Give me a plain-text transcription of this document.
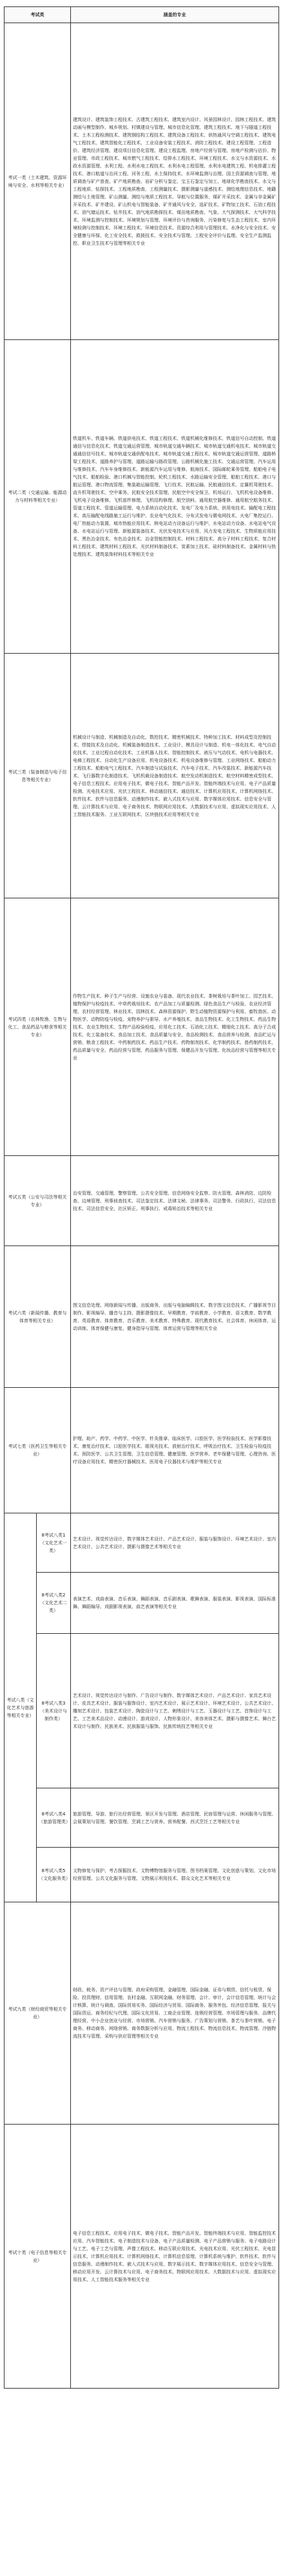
考试类		涵盖的专业
考试一类（土木建筑、资源环境与安全、水利等相关专业）		建筑设计、建筑装饰工程技术、古建筑工程技术、建筑室内设计、风景园林设计、园林工程技术、建筑动画与模型制作、城乡规划、村镇建设与管理、城市信息化管理、建筑工程技术、地下与隧道工程技术、土木工程检测技术、建筑钢结构工程技术、建筑设备工程技术、供热通风与空调工程技术、建筑电气工程技术、建筑智能化工程技术、工业设备安装工程技术、消防工程技术、建设工程管理、工程造价、建筑经济管理、建设项目信息化管理、建设工程监理、房地产经营与管理、房地产检测与估价、物业管理、市政工程技术、城市燃气工程技术、给排水工程技术、环境工程技术、水文与水资源技术、水政水资源管理、水利工程、水利水电工程技术、水利水电工程管理、水利水电建筑工程、机电排灌工程技术、港口航道与治河工程、河务工程、水土保持技术、水环境监测与治理、国土资源调查与管理、地质调查与矿产普查、矿产地质勘查、岩矿分析与鉴定、宝玉石鉴定与加工、地球化学勘查技术、水文与工程地质、钻探技术、工程地质勘查、工程测量技术、摄影测量与遥感技术、测绘地理信息技术、地籍测绘与土地管理、矿山测量、测绘与地质工程技术、导航与位置服务、煤矿开采技术、金属与非金属矿开采技术、矿井建设、矿山机电与智能装备、矿井通风与安全、选矿技术、矿物加工技术、石油工程技术、油气储运技术、钻井技术、油气地质勘探技术、煤田地质勘查、气象、大气探测技术、大气科学技术、环境监测与控制技术、环境规划与管理、环境评价与咨询服务、污染修复与生态工程技术、室内环境检测与控制技术、环境工程技术、环境信息技术、资源综合利用与管理技术、水净化与安全技术、安全健康与环保、化工安全技术、救援技术、安全技术与管理、工程安全评价与监理、安全生产监测监控、职业卫生技术与管理等相关专业
考试二类（交通运输、能源动力与材料等相关专业）		铁道机车、铁道车辆、铁道供电技术、铁道工程技术、铁道机械化维修技术、铁道信号自动控制、铁道通信与信息化技术、铁道交通运营管理、城市轨道交通车辆技术、城市轨道交通机电技术、城市轨道交通通信信号技术、城市轨道交通供配电技术、城市轨道交通工程技术、城市轨道交通运营管理、道路桥梁工程技术、道路养护与管理、道路运输与路政管理、公路机械化施工技术、交通运营管理、汽车运用与维修技术、汽车车身维修技术、新能源汽车运用与维修、航海技术、国际邮轮乘务管理、船舶电子电气技术、船舶检验、港口机械与智能控制、轮机工程技术、水路运输安全管理、船舶工程技术、港口与航运管理、港口物流管理、集装箱运输管理、飞行技术、民航运输、民航通信技术、定翼机驾驶技术、直升机驾驶技术、空中乘务、民航安全技术管理、民航空中安全保卫、机场运行、飞机机电设备维修、飞机电子设备维修、飞机部件修理、飞机结构修理、航空油料、通用航空器维修、通用航空航务技术、管道工程技术、管道运输管理、电力系统自动化技术、发电厂及电力系统、供用电技术、输配电工程技术、高压输配电线路施工运行与维护、农业电气化技术、分布式发电与微电网技术、火电厂集控运行、电厂热能动力装置、城市热能应用技术、核电站动力设备运行与维护、水电站动力设备、水电站电气设备、水电站运行与管理、新能源装备技术、光伏发电技术与应用、风力发电工程技术、生物质能应用技术、黑色冶金技术、有色冶金技术、冶金智能控制技术、材料工程技术、高分子材料工程技术、复合材料工程技术、建筑材料工程技术、光伏材料制备技术、炭素加工技术、硅材料制备技术、金属材料与热处理技术、建筑装饰材料技术等相关专业
考试三类（装备制造与电子信息等相关专业）		机械设计与制造、机械制造及自动化、数控技术、精密机械技术、特种加工技术、材料成型及控制技术、焊接技术及自动化、机械装备制造技术、工业设计、模具设计与制造、机电一体化技术、电气自动化技术、工业过程自动化技术、工业机器人技术、智能控制技术、液压与气动技术、电机与电器技术、电梯工程技术、自动化生产设备应用、机电设备技术、机电设备维修与管理、工业网络技术、船舶动力工程技术、船舶电气工程技术、汽车制造与试验技术、汽车电子技术、汽车改装技术、新能源汽车技术、飞行器数字化制造技术、飞机机载设备制造技术、航空发动机制造技术、航空材料精密成型技术、电子信息工程技术、应用电子技术、微电子技术、智能产品开发、智能终端技术与应用、电子产品质量检测、光电技术应用、光伏工程技术、移动通信技术、通信技术、计算机应用技术、计算机网络技术、软件技术、软件与信息服务、动漫制作技术、嵌入式技术与应用、数字媒体应用技术、信息安全与管理、云计算技术与应用、电子商务技术、物联网应用技术、大数据技术与应用、虚拟现实应用技术、人工智能技术服务、工业互联网技术、区块链技术应用等相关专业
考试四类（农林牧渔、生物与化工、食品药品与粮食等相关专业）		作物生产技术、种子生产与经营、设施农业与装备、现代农业技术、茶树栽培与茶叶加工、园艺技术、植物保护与检疫技术、中草药栽培技术、农产品加工与质量检测、绿色食品生产与检验、农业经济管理、农村经营管理、林业技术、园林技术、森林资源保护、野生动植物资源保护与利用、畜牧兽医、动物医学、动物防疫与检疫、宠物养护与驯导、水产养殖技术、食品生物技术、化工生物技术、药品生物技术、农业生物技术、生物产品检验检疫、应用化工技术、石油化工技术、精细化工技术、高分子合成技术、化工装备技术、食品加工技术、食品质量与安全、食品检测技术、食品营养与检测、食品贮运与营销、粮食工程技术、中药制药技术、药品生产技术、药物制剂技术、化学制药技术、兽药制药技术、药品质量与安全、药品经营与管理、药品服务与管理、保健品开发与管理、化妆品经营与管理等相关专业
考试五类（公安与司法等相关专业）		治安管理、交通管理、警察管理、公共安全管理、信息网络安全监察、防火管理、森林消防、边防检查、边境管理、刑事侦查技术、司法鉴定技术、法律文秘、法律事务、司法警务、行政执行、司法信息技术、司法信息安全、社区矫正、刑事执行、戒毒矫治技术等相关专业
考试六类（新闻传播、教育与体育等相关专业）		图文信息处理、网络新闻与传播、出版商务、出版与电脑编辑技术、数字图文信息技术、广播影视节目制作、影视编导、播音与主持、摄影摄像技术、早期教育、学前教育、小学教育、语文教育、数学教育、英语教育、体育教育、音乐教育、美术教育、特殊教育、现代教育技术、社会体育、休闲体育、运动训练、体育保健与康复、健身指导与管理、体育运营与管理等相关专业
考试七类（医药卫生等相关专业）		护理、助产、药学、中药学、中医学、针灸推拿、临床医学、口腔医学、医学检验技术、医学影像技术、康复治疗技术、口腔医学技术、眼视光技术、放射治疗技术、呼吸治疗技术、卫生检验与检疫技术、预防医学、公共卫生管理、卫生信息管理、健康管理、医学营养、老年保健与管理、心理咨询、医疗设备应用技术、精密医疗器械技术、医用电子仪器技术与维护等相关专业
考试八类（文化艺术与旅游等相关专业）	8考试八类1（文化艺术一类）	艺术设计、视觉传达设计、数字媒体艺术设计、产品艺术设计、服装与服饰设计、环境艺术设计、室内艺术设计、公共艺术设计、摄影与摄像艺术等相关专业
	8考试八类2（文化艺术二类）	表演艺术、戏曲表演、音乐表演、舞蹈表演、音乐剧表演、歌舞表演、服装表演、影视表演、国际标准舞、舞蹈编导、戏剧影视表演、曲艺表演等相关专业
	8考试八类3（美术设计与制作类）	艺术设计、视觉传达设计与制作、广告设计与制作、数字媒体艺术设计、产品艺术设计、家具艺术设计、皮具艺术设计、服装与服饰设计、室内艺术设计、展示艺术设计、环境艺术设计、公共艺术设计、雕刻艺术设计、包装艺术设计、陶瓷设计与工艺、刺绣设计与工艺、玉器设计与工艺、首饰设计与工艺、工艺美术品设计、动漫设计、游戏设计、人物形象设计、美容美体艺术、摄影与摄像艺术、舞台艺术设计与制作、民族美术、民族服装与服饰、民族传统技艺等相关专业
	8考试八类4（旅游管理类）	旅游管理、导游、旅行社经营管理、景区开发与管理、酒店管理、民宿管理与运营、休闲服务与管理、会展策划与管理、餐饮管理、烹调工艺与营养、营养配餐、西式烹饪工艺等相关专业
	8考试八类5（文化服务类）	文物修复与保护、考古探掘技术、文物博物馆服务与管理、图书档案管理、文化创意与策划、文化市场经营管理、公共文化服务与管理、文物展示利用技术、群众文化艺术等相关专业
考试九类（财经商贸等相关专业）		财政、税务、资产评估与管理、政府采购管理、金融管理、国际金融、证券与期货、信托与租赁、保险、投资理财、信用管理、农村金融、互联网金融、财务管理、会计、审计、会计信息管理、统计与会计核算、统计与调查、国际贸易实务、国际经济与贸易、国际商务、服务外包、经济信息管理、报关与国际货运、商务经纪与代理、国际文化贸易、工商企业管理、连锁经营管理、市场管理与服务、品牌代理经营、中小企业创业与经营、市场营销、汽车营销与服务、广告策划与营销、茶艺与茶叶营销、电子商务、移动商务、网络营销、商务数据分析与应用、物流工程技术、物流信息技术、物流管理、冷链物流技术与管理、采购与供应管理等相关专业
考试十类（电子信息等相关专业）		电子信息工程技术、应用电子技术、微电子技术、智能产品开发、智能终端技术与应用、智能监控技术应用、汽车智能技术、电子制造技术与设备、电子产品质量检测、电子产品营销与服务、电子电路设计与工艺、电子工艺与管理、声像工程技术、移动互联应用技术、光电技术应用、光伏工程技术、光电显示技术、计算机应用技术、计算机网络技术、计算机信息管理、计算机系统与维护、软件技术、软件与信息服务、动漫制作技术、嵌入式技术与应用、数字展示技术、数字媒体应用技术、信息安全与管理、移动应用开发、云计算技术与应用、电子商务技术、物联网应用技术、大数据技术与应用、虚拟现实应用技术、人工智能技术服务等相关专业
